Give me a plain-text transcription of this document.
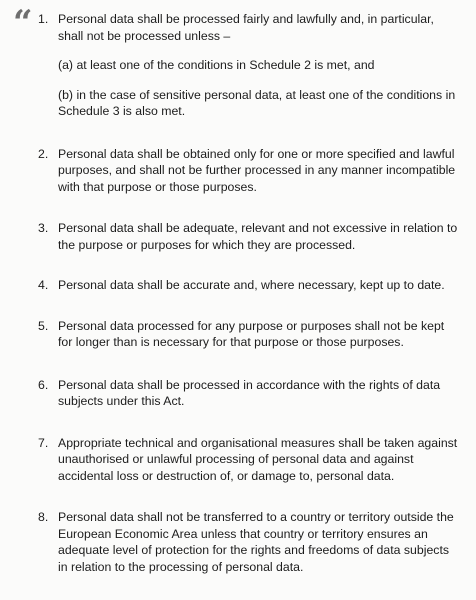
“ 1. Personal data shall be processed fairly and lawfully and, in particular, shall not be processed unless –
(a) at least one of the conditions in Schedule 2 is met, and
(b) in the case of sensitive personal data, at least one of the conditions in Schedule 3 is also met.
2. Personal data shall be obtained only for one or more specified and lawful purposes, and shall not be further processed in any manner incompatible with that purpose or those purposes.
3. Personal data shall be adequate, relevant and not excessive in relation to the purpose or purposes for which they are processed.
4. Personal data shall be accurate and, where necessary, kept up to date.
5. Personal data processed for any purpose or purposes shall not be kept for longer than is necessary for that purpose or those purposes.
6. Personal data shall be processed in accordance with the rights of data subjects under this Act.
7. Appropriate technical and organisational measures shall be taken against unauthorised or unlawful processing of personal data and against accidental loss or destruction of, or damage to, personal data.
8. Personal data shall not be transferred to a country or territory outside the European Economic Area unless that country or territory ensures an adequate level of protection for the rights and freedoms of data subjects in relation to the processing of personal data.
